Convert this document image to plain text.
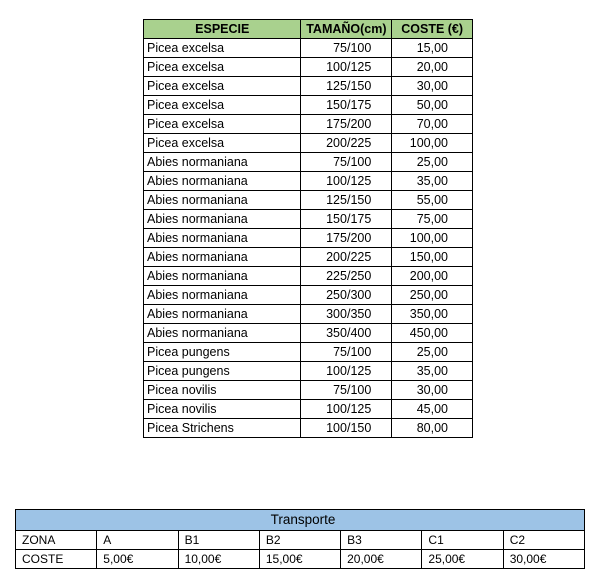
ESPECIE	TAMAÑO(cm)	COSTE (€)
Picea excelsa	75/100	15,00
Picea excelsa	100/125	20,00
Picea excelsa	125/150	30,00
Picea excelsa	150/175	50,00
Picea excelsa	175/200	70,00
Picea excelsa	200/225	100,00
Abies normaniana	75/100	25,00
Abies normaniana	100/125	35,00
Abies normaniana	125/150	55,00
Abies normaniana	150/175	75,00
Abies normaniana	175/200	100,00
Abies normaniana	200/225	150,00
Abies normaniana	225/250	200,00
Abies normaniana	250/300	250,00
Abies normaniana	300/350	350,00
Abies normaniana	350/400	450,00
Picea pungens	75/100	25,00
Picea pungens	100/125	35,00
Picea novilis	75/100	30,00
Picea novilis	100/125	45,00
Picea Strichens	100/150	80,00
Transporte						
ZONA	A	B1	B2	B3	C1	C2
COSTE	5,00€	10,00€	15,00€	20,00€	25,00€	30,00€
